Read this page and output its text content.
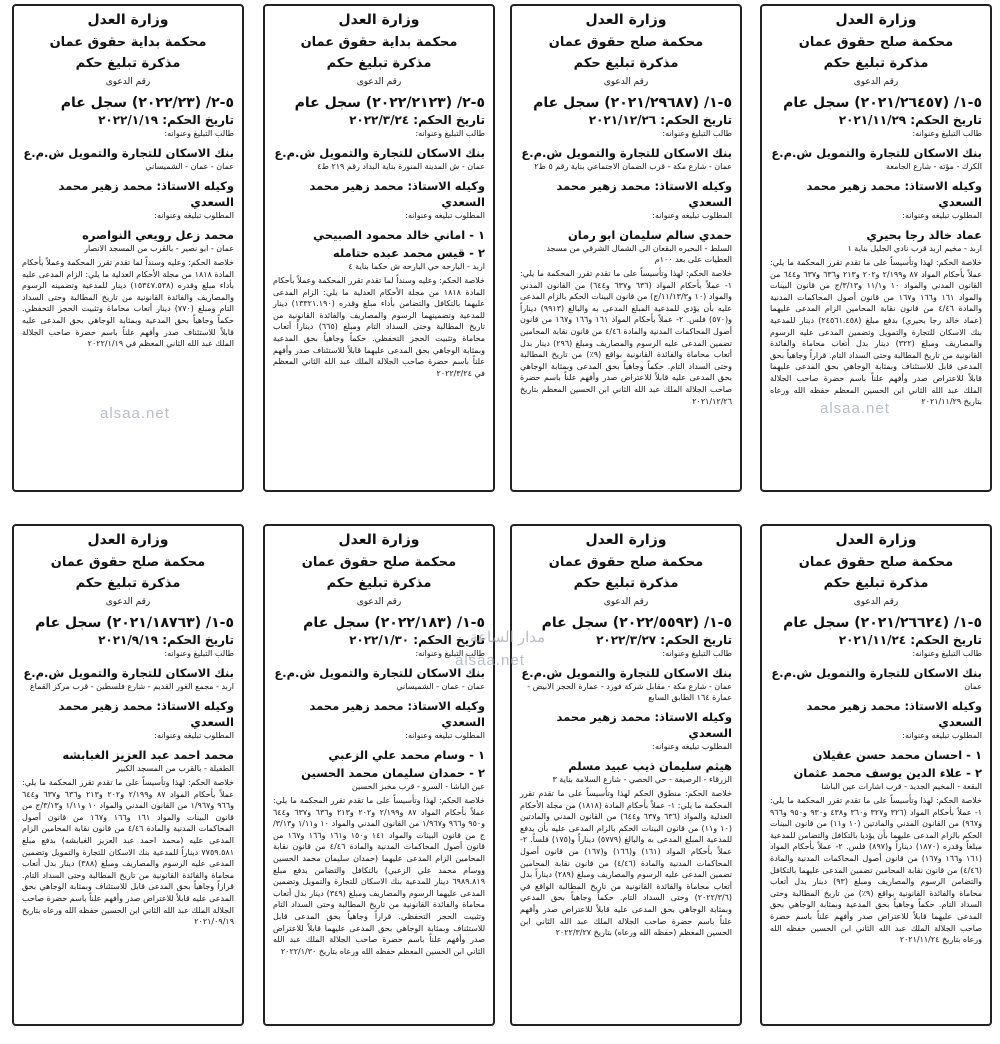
وزارة العدل
محكمة صلح حقوق عمان
مذكرة تبليغ حكم
رقم الدعوى
٥-١/ (٢٠٢١/٢٦٤٥٧) سجل عام
تاريخ الحكم: ٢٠٢١/١١/٢٩
طالب التبليغ وعنوانه:
بنك الاسكان للتجارة والتمويل ش.م.ع
الكرك - مؤته - شارع الجامعة
وكيله الاستاذ: محمد زهير محمد السعدي
المطلوب تبليغه وعنوانه:
عماد خالد رجا بحيري
اربد - مخيم اربد قرب نادي الجليل بناية ١
خلاصة الحكم: لهذا وتأسيساً على ما تقدم تقرر المحكمة ما يلي: عملاً بأحكام المواد ٨٧ و٢/١٩٩ و٢٠٢ و٢١٣ و٦٣٦ و٦٣٧ و٦٤٤ من القانون المدني والمواد ١٠ و١١/١ و٣/١٣/ج من قانون البينات والمواد ١٦١ و١٦٦ و١٦٧ من قانون أصول المحاكمات المدنية والمادة ٤/٤٦ من قانون نقابة المحامين الزام المدعى عليهما (عماد خالد رجا بحيري) بدفع مبلغ (٢٤٥٦١.٤٥٨) دينار للمدعية بنك الاسكان للتجارة والتمويل وتضمين المدعى عليه الرسوم والمصاريف ومبلغ (٣٢٢) دينار بدل أتعاب محاماة والفائدة القانونية من تاريخ المطالبة وحتى السداد التام. قراراً وجاهياً بحق المدعى قابل للاستئناف وبمثابة الوجاهي بحق المدعى عليهما قابلاً للاعتراض صدر وأفهم علناً باسم حضرة صاحب الجلالة الملك عبد الله الثاني ابن الحسين المعظم حفظه الله ورعاه بتاريخ ٢٠٢١/١١/٢٩
وزارة العدل
محكمة صلح حقوق عمان
مذكرة تبليغ حكم
رقم الدعوى
٥-١/ (٢٠٢١/٢٩٦٨٧) سجل عام
تاريخ الحكم: ٢٠٢١/١٢/٢٦
طالب التبليغ وعنوانه:
بنك الاسكان للتجارة والتمويل ش.م.ع
عمان - شارع مكة - قرب الضمان الاجتماعي بناية رقم ٥ ط٢
وكيله الاستاذ: محمد زهير محمد السعدي
المطلوب تبليغه وعنوانه:
حمدي سالم سليمان ابو رمان
السلط - البحيره البقعان الى الشمال الشرقي من مسجد العطيات على بعد ١٠٠م
خلاصة الحكم: لهذا وتأسيساً على ما تقدم تقرر المحكمة ما يلي: ١- عملاً بأحكام المواد (٦٣٦ و٦٣٧ و٦٤٤) من القانون المدني والمواد (١٠ و١١/١٣/٣/ج) من قانون البينات الحكم بالزام المدعى عليه بأن يؤدي للمدعية المبلغ المدعى به والبالغ (٩٩١٣) ديناراً و(٥٧٠) فلس. ٢- عملاً بأحكام المواد ١٦١ و١٦٦ و١٦٧ من قانون أصول المحاكمات المدنية والمادة ٤/٤٦ من قانون نقابة المحامين تضمين المدعى عليه الرسوم والمصاريف ومبلغ (٢٩٦) دينار بدل أتعاب محاماة والفائدة القانونية بواقع (٩٪) من تاريخ المطالبة وحتى السداد التام. حكماً وجاهياً بحق المدعى وبمثابة الوجاهي بحق المدعى عليه قابلاً للاعتراض صدر وأفهم علناً باسم حضرة صاحب الجلالة الملك عبد الله الثاني ابن الحسين المعظم بتاريخ ٢٠٢١/١٢/٢٦
وزارة العدل
محكمة بداية حقوق عمان
مذكرة تبليغ حكم
رقم الدعوى
٥-٢/ (٢٠٢٢/٢١٢٣) سجل عام
تاريخ الحكم: ٢٠٢٢/٣/٢٤
طالب التبليغ وعنوانه:
بنك الاسكان للتجارة والتمويل ش.م.ع
عمان - ش المدينة المنورة بناية البداد رقم ٢١٩ ط٤
وكيله الاستاذ: محمد زهير محمد السعدي
المطلوب تبليغه وعنوانه:
١ - اماني خالد محمود الصبيحي
٢ - قيس محمد عبده حتامله
اربد - البارحه حي البارحه ش حكما بناية ٤
خلاصة الحكم: وعليه وسنداً لما تقدم تقرر المحكمة وعملاً بأحكام المادة ١٨١٨ من مجلة الأحكام العدلية ما يلي: الزام المدعى عليهما بالتكافل والتضامن بأداء مبلغ وقدره (١٣٣٢١.١٩٠) دينار للمدعية وتضمينهما الرسوم والمصاريف والفائدة القانونية من تاريخ المطالبة وحتى السداد التام ومبلغ (٦٦٥) ديناراً أتعاب محاماة وتثبيت الحجز التحفظي. حكماً وجاهياً بحق المدعية وبمثابة الوجاهي بحق المدعى عليهما قابلاً للاستئناف صدر وأفهم علناً باسم حضرة صاحب الجلالة الملك عبد الله الثاني المعظم في ٢٠٢٢/٣/٢٤
وزارة العدل
محكمة بداية حقوق عمان
مذكرة تبليغ حكم
رقم الدعوى
٥-٢/ (٢٠٢٢/٢٣) سجل عام
تاريخ الحكم: ٢٠٢٢/١/١٩
طالب التبليغ وعنوانه:
بنك الاسكان للتجارة والتمويل ش.م.ع
عمان - عمان - الشميساني
وكيله الاستاذ: محمد زهير محمد السعدي
المطلوب تبليغه وعنوانه:
محمد زعل رويعي النواصره
عمان - ابو نصير - بالقرب من المسجد الانصار
خلاصة الحكم: وعليه وسنداً لما تقدم تقرر المحكمة وعملاً بأحكام المادة ١٨١٨ من مجلة الأحكام العدلية ما يلي: الزام المدعى عليه بأداء مبلغ وقدره (١٥٣٤٧.٥٣٨) دينار للمدعية وتضمينه الرسوم والمصاريف والفائدة القانونية من تاريخ المطالبة وحتى السداد التام ومبلغ (٧٧٠) دينار أتعاب محاماة وتثبيت الحجز التحفظي. حكماً وجاهياً بحق المدعية وبمثابة الوجاهي بحق المدعى عليه قابلاً للاستئناف صدر وأفهم علناً باسم حضرة صاحب الجلالة الملك عبد الله الثاني المعظم في ٢٠٢٢/١/١٩
وزارة العدل
محكمة صلح حقوق عمان
مذكرة تبليغ حكم
رقم الدعوى
٥-١/ (٢٠٢١/٢٦٦٢٤) سجل عام
تاريخ الحكم: ٢٠٢١/١١/٢٤
طالب التبليغ وعنوانه:
بنك الاسكان للتجارة والتمويل ش.م.ع
عمان
وكيله الاستاذ: محمد زهير محمد السعدي
المطلوب تبليغه وعنوانه:
١ - احسان محمد حسن عقيلان
٢ - علاء الدين يوسف محمد عثمان
البقعة - المخيم الجديد - قرب اشارات عين الباشا
خلاصة الحكم: لهذا وتأسيساً على ما تقدم تقرر المحكمة ما يلي: ١- عملاً بأحكام المواد (٣٢٦ و٣٢٧ و٣٦٠ و٤٣٨ و٩٣٠ و٩٥٠ و٩٦٦ و٩٦٧) من القانون المدني والمادتين (١٠ و١١) من قانون البينات الحكم بالزام المدعى عليهما بأن يؤديا بالتكافل والتضامن للمدعية مبلغاً وقدره (١٨٧٠) ديناراً و(٨٩٧) فلس. ٢- عملاً بأحكام المواد (١٦١ و١٦٦ و١٦٧) من قانون أصول المحاكمات المدنية والمادة (٤/٤٦) من قانون نقابة المحامين تضمين المدعى عليهما بالتكافل والتضامن الرسوم والمصاريف ومبلغ (٩٣) دينار بدل أتعاب محاماة والفائدة القانونية بواقع (٩٪) من تاريخ المطالبة وحتى السداد التام. حكماً وجاهياً بحق المدعية وبمثابة الوجاهي بحق المدعى عليهما قابلاً للاعتراض صدر وأفهم علناً باسم حضرة صاحب الجلالة الملك عبد الله الثاني ابن الحسين حفظه الله ورعاه بتاريخ ٢٠٢١/١١/٢٤
وزارة العدل
محكمة صلح حقوق عمان
مذكرة تبليغ حكم
رقم الدعوى
٥-١/ (٢٠٢٢/٥٥٩٣) سجل عام
تاريخ الحكم: ٢٠٢٢/٣/٢٧
طالب التبليغ وعنوانه:
بنك الاسكان للتجارة والتمويل ش.م.ع
عمان - شارع مكة - مقابل شركة فورد - عمارة الحجر الابيض - عمارة ١٦٤ الطابق السابع
وكيله الاستاذ: محمد زهير محمد السعدي
المطلوب تبليغه وعنوانه:
هيثم سليمان ذيب عبيد مسلم
الزرقاء - الرصيفة - حي الحصي - شارع السلامة بناية ٣
خلاصة الحكم: منطوق الحكم لهذا وتأسيساً على ما تقدم تقرر المحكمة ما يلي: ١- عملاً بأحكام المادة (١٨١٨) من مجلة الأحكام العدلية والمواد (٦٣٦ و٦٣٧ و٦٤٤) من القانون المدني والمادتين (١٠ و١١) من قانون البينات الحكم بالزام المدعى عليه بأن يدفع للمدعية المبلغ المدعى به والبالغ (٥٧٧٩) ديناراً و(١٧٥) فلساً. ٢- عملاً بأحكام المواد (١٦١) و(١٦٦) و(١٦٧) من قانون أصول المحاكمات المدنية والمادة (٤/٤٦) من قانون نقابة المحامين تضمين المدعى عليه الرسوم والمصاريف ومبلغ (٢٨٩) ديناراً بدل أتعاب محاماة والفائدة القانونية من تاريخ المطالبة الواقع في (٢٠٢٢/٣/٦) وحتى السداد التام. حكماً وجاهياً بحق المدعي وبمثابة الوجاهي بحق المدعى عليه قابلاً للاعتراض صدر وأفهم علناً باسم حضرة صاحب الجلالة الملك عبد الله الثاني ابن الحسين المعظم (حفظه الله ورعاه) بتاريخ ٢٠٢٢/٣/٢٧
وزارة العدل
محكمة صلح حقوق عمان
مذكرة تبليغ حكم
رقم الدعوى
٥-١/ (٢٠٢٢/١٨٣) سجل عام
تاريخ الحكم: ٢٠٢٢/١/٣٠
طالب التبليغ وعنوانه:
بنك الاسكان للتجارة والتمويل ش.م.ع
عمان - عمان - الشميساني
وكيله الاستاذ: محمد زهير محمد السعدي
المطلوب تبليغه وعنوانه:
١ - وسام محمد علي الزعبي
٢ - حمدان سليمان محمد الحسين
عين الباشا - السرو - قرب مخبز الحسين
خلاصة الحكم: لهذا وتأسيساً على ما تقدم تقرر المحكمة ما يلي: عملاً بأحكام المواد ٨٧ و٢/١٩٩ و٢٠٢ و٢١٣ و٦٣٦ و٦٣٧ و٦٤٤ و٩٥٠ و٩٦٦ و١/٩٦٧ من القانون المدني والمواد ١٠ و١/١١ و٣/١٣/ج من قانون البينات والمواد ١٤١ و١٥٠ و١٦١ و١٦٦ و١٦٧ من قانون أصول المحاكمات المدنية والمادة ٤/٤٦ من قانون نقابة المحامين الزام المدعى عليهما (حمدان سليمان محمد الحسين ووسام محمد علي الزعبي) بالتكافل والتضامن بدفع مبلغ ٦٩٨٩.٨١٩ دينار للمدعية بنك الاسكان للتجارة والتمويل وتضمين المدعى عليهما الرسوم والمصاريف ومبلغ (٣٤٩) دينار بدل أتعاب محاماة والفائدة القانونية من تاريخ المطالبة وحتى السداد التام وتثبيت الحجز التحفظي. قراراً وجاهياً بحق المدعى قابل للاستئناف وبمثابة الوجاهي بحق المدعى عليهما قابلاً للاعتراض صدر وأفهم علناً باسم حضرة صاحب الجلالة الملك عبد الله الثاني ابن الحسين المعظم حفظه الله ورعاه بتاريخ ٢٠٢٢/١/٣٠
وزارة العدل
محكمة صلح حقوق عمان
مذكرة تبليغ حكم
رقم الدعوى
٥-١/ (٢٠٢١/١٨٧٦٣) سجل عام
تاريخ الحكم: ٢٠٢١/٩/١٩
طالب التبليغ وعنوانه:
بنك الاسكان للتجارة والتمويل ش.م.ع
اربد - مجمع الغور القديم - شارع فلسطين - قرب مركز القماع
وكيله الاستاذ: محمد زهير محمد السعدي
المطلوب تبليغه وعنوانه:
محمد احمد عبد العزيز الغبابشه
الطفيلة - بالقرب من المسجد الكبير
خلاصة الحكم: لهذا وتأسيساً على ما تقدم تقرر المحكمة ما يلي: عملاً بأحكام المواد ٨٧ و٢/١٩٩ و٢٠٢ و٢١٣ و٦٣٦ و٦٣٧ و٦٤٤ و٩٦٦ و١/٩٦٧ من القانون المدني والمواد ١٠ و١/١١ و٣/١٣/ج من قانون البينات والمواد ١٦١ و١٦٦ و١٦٧ من قانون أصول المحاكمات المدنية والمادة ٤/٤٦ من قانون نقابة المحامين الزام المدعى عليه (محمد احمد عبد العزيز الغبابشه) بدفع مبلغ ٧٧٥٩.٥٨١ ديناراً للمدعية بنك الاسكان للتجارة والتمويل وتضمين المدعى عليه الرسوم والمصاريف ومبلغ (٣٨٨) دينار بدل أتعاب محاماة والفائدة القانونية من تاريخ المطالبة وحتى السداد التام. قراراً وجاهياً بحق المدعى قابل للاستئناف وبمثابة الوجاهي بحق المدعى عليه قابلاً للاعتراض صدر وأفهم علناً باسم حضرة صاحب الجلالة الملك عبد الله الثاني ابن الحسين حفظه الله ورعاه بتاريخ ٢٠٢١/٠٩/١٩
alsaa.net
alsaa.net
مدار الساعة
alsaa.net
